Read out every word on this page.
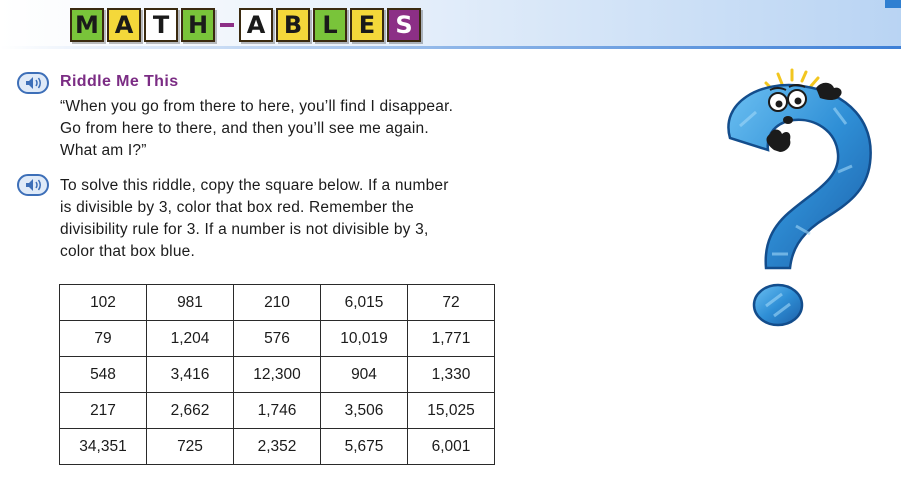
M A T H	A B L E S
Riddle Me This
“When you go from there to here, you’ll find I disappear.
Go from here to there, and then you’ll see me again.
What am I?”
To solve this riddle, copy the square below. If a number
is divisible by 3, color that box red. Remember the
divisibility rule for 3. If a number is not divisible by 3,
color that box blue.
102	981	210	6,015	72
79	1,204	576	10,019	1,771
548	3,416	12,300	904	1,330
217	2,662	1,746	3,506	15,025
34,351	725	2,352	5,675	6,001
